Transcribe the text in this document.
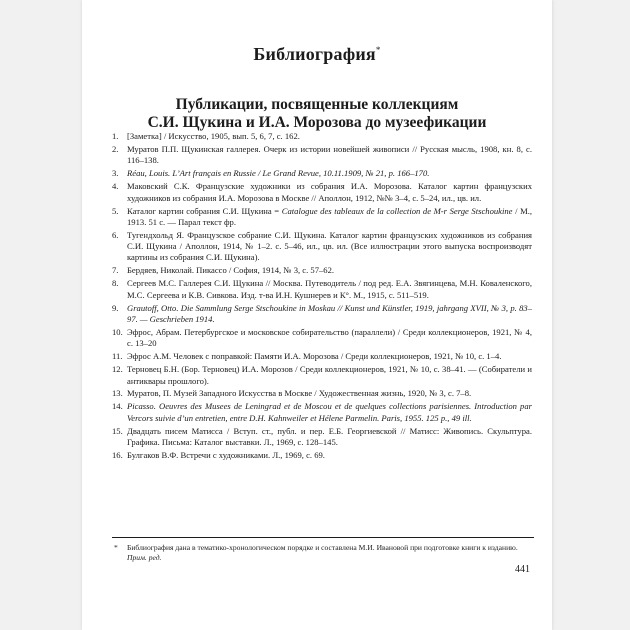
Библиография*
Публикации, посвященные коллекциям
С.И. Щукина и И.А. Морозова до музеефикации
1. [Заметка] / Искусство, 1905, вып. 5, 6, 7, с. 162.
2. Муратов П.П. Щукинская галлерея. Очерк из истории новейшей живописи // Русская мысль, 1908, кн. 8, с. 116–138.
3. Réau, Louis. L’Art français en Russie / Le Grand Revue, 10.11.1909, № 21, p. 166–170.
4. Маковский С.К. Французские художники из собрания И.А. Морозова. Каталог картин французских художников из собрания И.А. Морозова в Москве // Аполлон, 1912, №№ 3–4, с. 5–24, ил., цв. ил.
5. Каталог картин собрания С.И. Щукина = Catalogue des tableaux de la collection de M-r Serge Stschoukine / М., 1913. 51 с. — Парал текст фр.
6. Тугендхольд Я. Французское собрание С.И. Щукина. Каталог картин французских художников из собрания С.И. Щукина / Аполлон, 1914, № 1–2. с. 5–46, ил., цв. ил. (Все иллюстрации этого выпуска воспроизводят картины из собрания С.И. Щукина).
7. Бердяев, Николай. Пикассо / София, 1914, № 3, с. 57–62.
8. Сергеев М.С. Галлерея С.И. Щукина // Москва. Путеводитель / под ред. Е.А. Звягинцева, М.Н. Коваленского, М.С. Сергеева и К.В. Сивкова. Изд. т-ва И.Н. Кушнерев и К°. М., 1915, с. 511–519.
9. Grautoff, Otto. Die Sammlung Serge Stschoukine in Moskau // Kunst und Künstler, 1919, jahrgang XVII, № 3, p. 83–97. — Geschrieben 1914.
10. Эфрос, Абрам. Петербургское и московское собирательство (параллели) / Среди коллекционеров, 1921, № 4, с. 13–20
11. Эфрос А.М. Человек с поправкой: Памяти И.А. Морозова / Среди коллекционеров, 1921, № 10, с. 1–4.
12. Терновец Б.Н. (Бор. Терновец) И.А. Морозов / Среди коллекционеров, 1921, № 10, с. 38–41. — (Собиратели и антиквары прошлого).
13. Муратов, П. Музей Западного Искусства в Москве / Художественная жизнь, 1920, № 3, с. 7–8.
14. Picasso. Oeuvres des Musees de Leningrad et de Moscou et de quelques collections parisiennes. Introduction par Vercors suivie d’un entretien, entre D.H. Kahnweiler et Hélene Parmelin. Paris, 1955. 125 p., 49 ill.
15. Двадцать писем Матисса / Вступ. ст., публ. и пер. Е.Б. Георгиевской // Матисс: Живопись. Скульптура. Графика. Письма: Каталог выставки. Л., 1969, с. 128–145.
16. Булгаков В.Ф. Встречи с художниками. Л., 1969, с. 69.
* Библиография дана в тематико-хронологическом порядке и составлена М.И. Ивановой при подготовке книги к изданию. Прим. ред.
441
